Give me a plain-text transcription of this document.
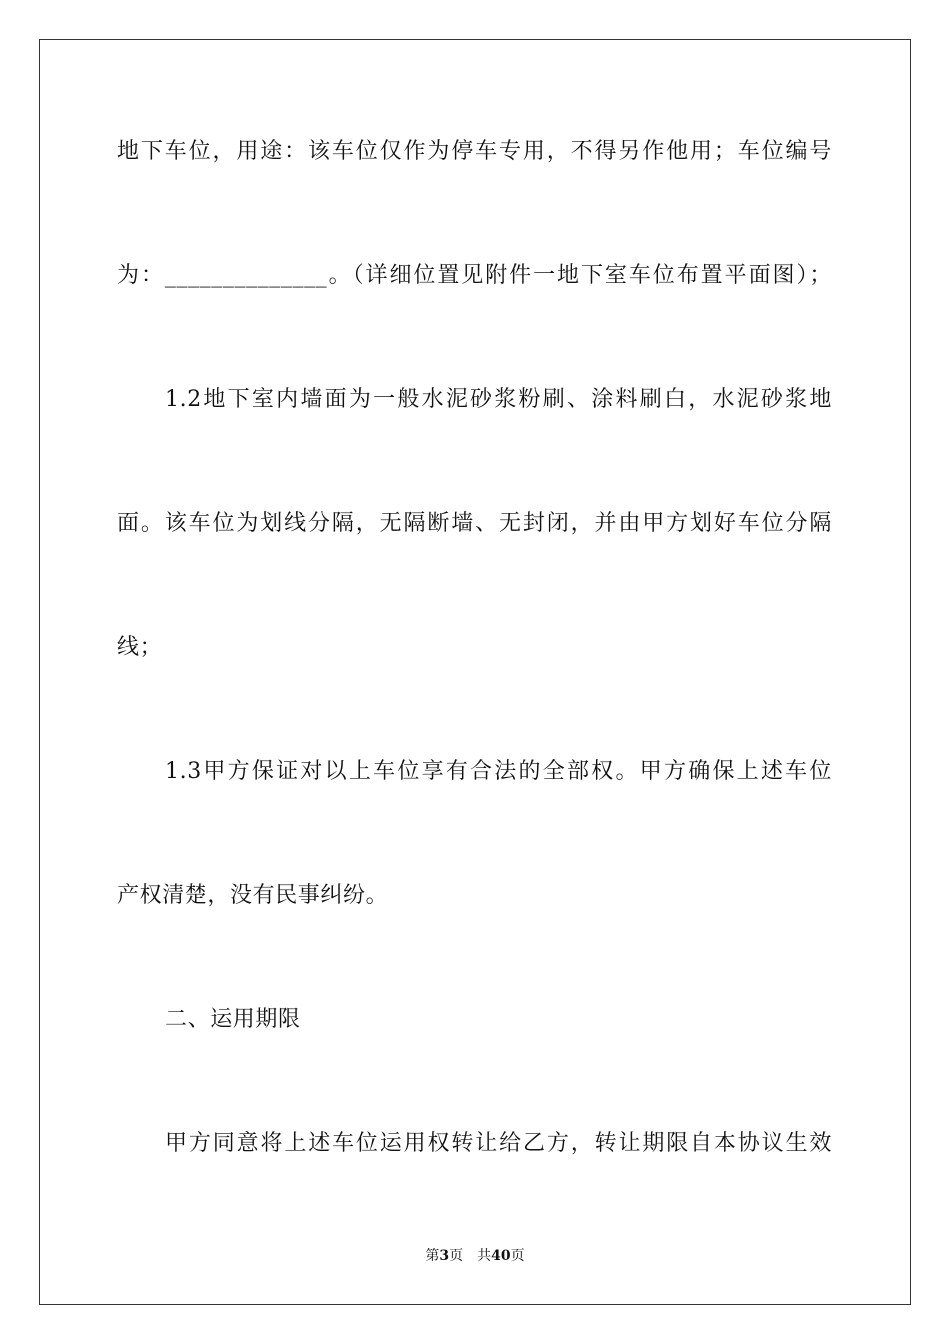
地下车位，用途：该车位仅作为停车专用，不得另作他用；车位编号
为：______________。（详细位置见附件一地下室车位布置平面图）；
1.2地下室内墙面为一般水泥砂浆粉刷、涂料刷白，水泥砂浆地
面。该车位为划线分隔，无隔断墙、无封闭，并由甲方划好车位分隔
线；
1.3甲方保证对以上车位享有合法的全部权。甲方确保上述车位
产权清楚，没有民事纠纷。
二、运用期限
甲方同意将上述车位运用权转让给乙方，转让期限自本协议生效
第3页 共40页
